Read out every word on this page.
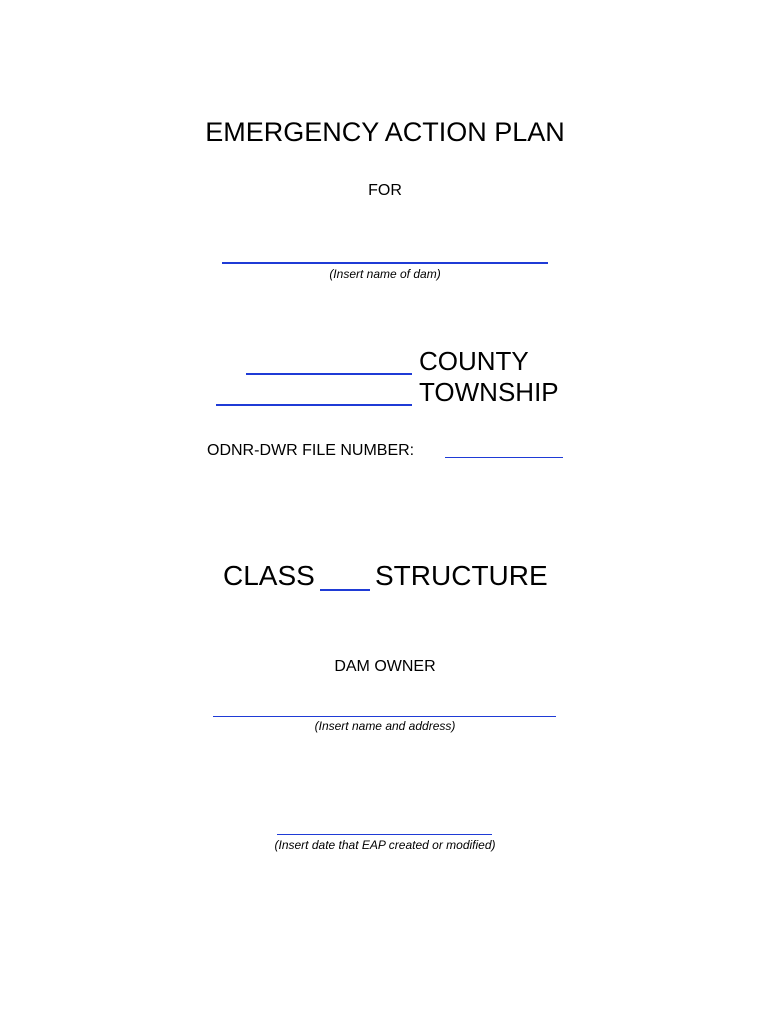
EMERGENCY ACTION PLAN
FOR
(Insert name of dam)
COUNTY
TOWNSHIP
ODNR-DWR FILE NUMBER:
CLASS STRUCTURE
DAM OWNER
(Insert name and address)
(Insert date that EAP created or modified)
